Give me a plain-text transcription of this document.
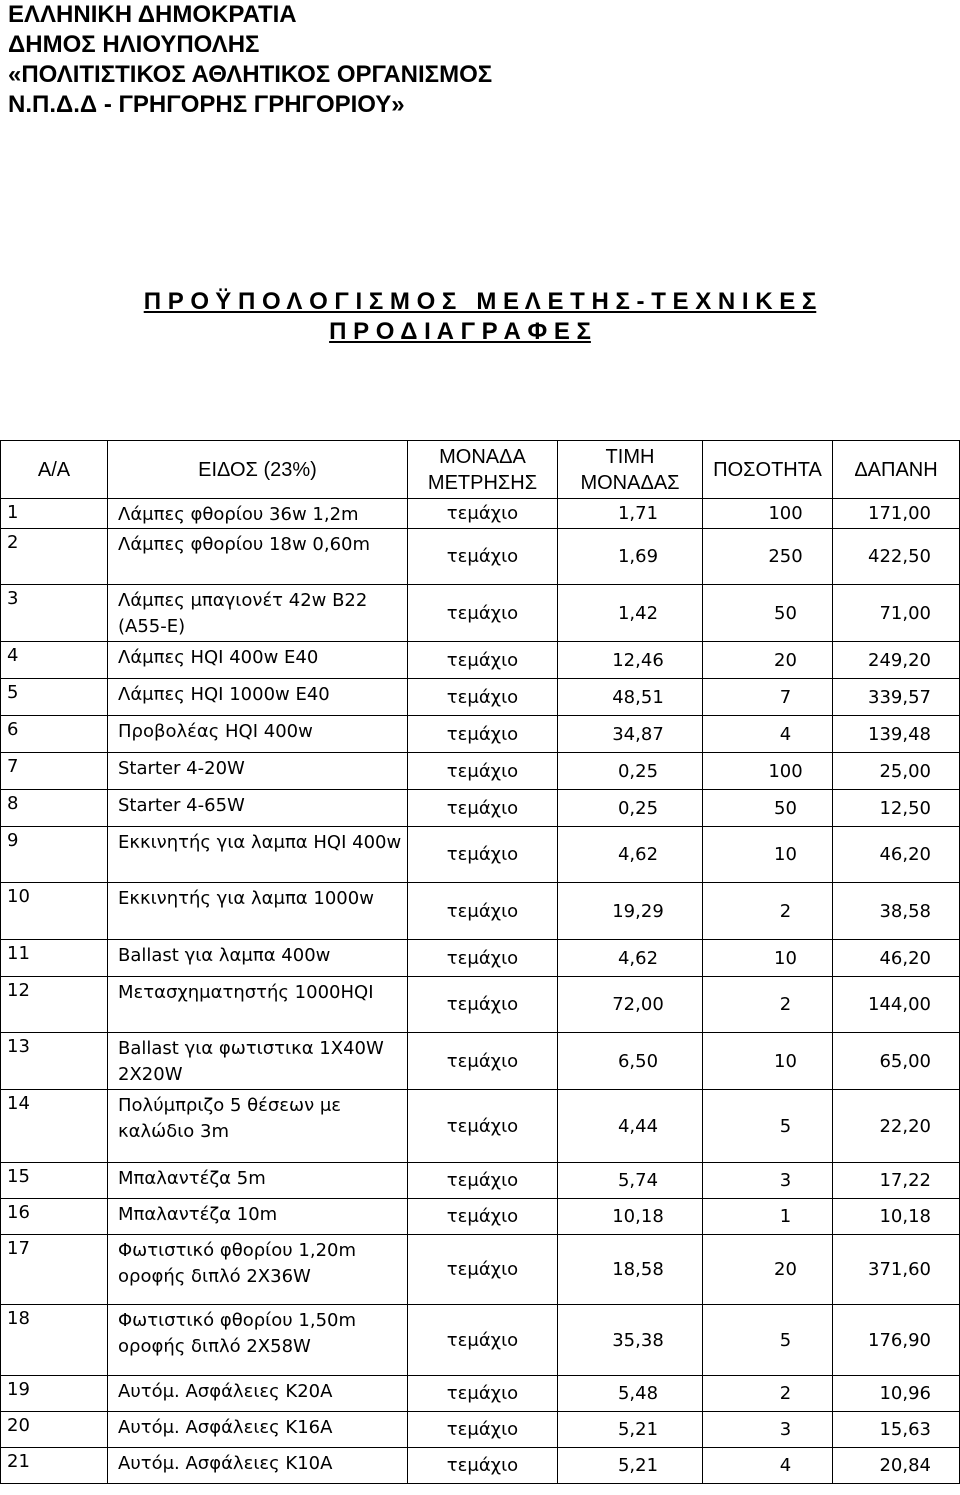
ΕΛΛΗΝΙΚΗ ΔΗΜΟΚΡΑΤΙΑ
ΔΗΜΟΣ ΗΛΙΟΥΠΟΛΗΣ
«ΠΟΛΙΤΙΣΤΙΚΟΣ ΑΘΛΗΤΙΚΟΣ ΟΡΓΑΝΙΣΜΟΣ
Ν.Π.Δ.Δ - ΓΡΗΓΟΡΗΣ ΓΡΗΓΟΡΙΟΥ»
Π Ρ Ο Ϋ Π Ο Λ Ο Γ Ι Σ Μ Ο Σ   Μ Ε Λ Ε Τ Η Σ - Τ Ε Χ Ν Ι Κ Ε Σ
Π Ρ Ο Δ Ι Α Γ Ρ Α Φ Ε Σ
Α/Α	ΕΙΔΟΣ (23%)	ΜΟΝΑΔΑ ΜΕΤΡΗΣΗΣ	ΤΙΜΗ ΜΟΝΑΔΑΣ	ΠΟΣΟΤΗΤΑ	ΔΑΠΑΝΗ
1	Λάμπες φθορίου 36w 1,2m	τεμάχιο	1,71	100	171,00
2	Λάμπες φθορίου 18w 0,60m	τεμάχιο	1,69	250	422,50
3	Λάμπες μπαγιονέτ 42w B22 (A55-E)	τεμάχιο	1,42	50	71,00
4	Λάμπες HQI 400w E40	τεμάχιο	12,46	20	249,20
5	Λάμπες HQI 1000w E40	τεμάχιο	48,51	7	339,57
6	Προβολέας HQI 400w	τεμάχιο	34,87	4	139,48
7	Starter 4-20W	τεμάχιο	0,25	100	25,00
8	Starter 4-65W	τεμάχιο	0,25	50	12,50
9	Εκκινητής για λαμπα HQI 400w	τεμάχιο	4,62	10	46,20
10	Εκκινητής για λαμπα 1000w	τεμάχιο	19,29	2	38,58
11	Ballast για λαμπα 400w	τεμάχιο	4,62	10	46,20
12	Μετασχηματηστής 1000HQI	τεμάχιο	72,00	2	144,00
13	Ballast για φωτιστικα 1X40W 2X20W	τεμάχιο	6,50	10	65,00
14	Πολύμπριζο 5 θέσεων με καλώδιο 3m	τεμάχιο	4,44	5	22,20
15	Μπαλαντέζα 5m	τεμάχιο	5,74	3	17,22
16	Μπαλαντέζα 10m	τεμάχιο	10,18	1	10,18
17	Φωτιστικό φθορίου 1,20m οροφής διπλό 2Χ36W	τεμάχιο	18,58	20	371,60
18	Φωτιστικό φθορίου 1,50m οροφής διπλό 2Χ58W	τεμάχιο	35,38	5	176,90
19	Αυτόμ. Ασφάλειες Κ20Α	τεμάχιο	5,48	2	10,96
20	Αυτόμ. Ασφάλειες Κ16Α	τεμάχιο	5,21	3	15,63
21	Αυτόμ. Ασφάλειες Κ10Α	τεμάχιο	5,21	4	20,84
